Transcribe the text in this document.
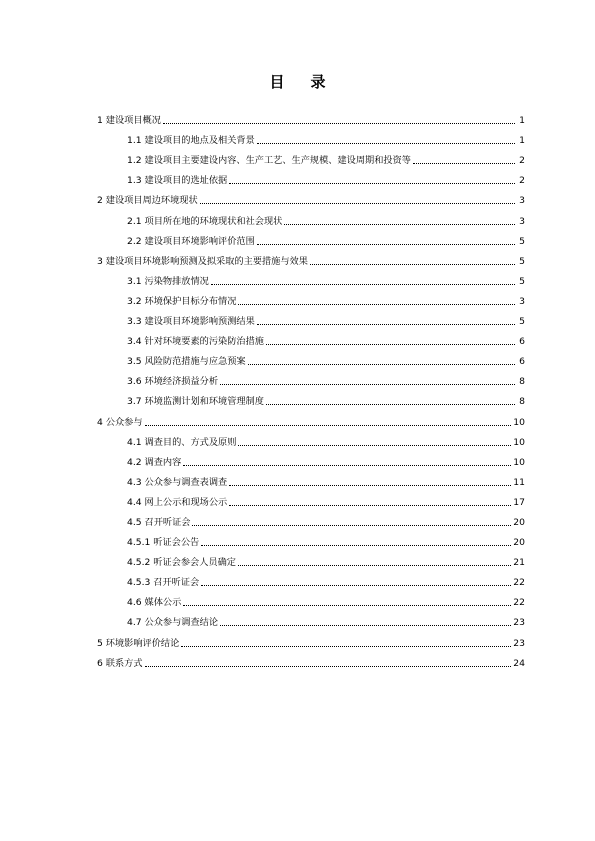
目 录
1 建设项目概况	1
1.1 建设项目的地点及相关背景	1
1.2 建设项目主要建设内容、生产工艺、生产规模、建设周期和投资等	2
1.3 建设项目的选址依据	2
2 建设项目周边环境现状	3
2.1 项目所在地的环境现状和社会现状	3
2.2 建设项目环境影响评价范围	5
3 建设项目环境影响预测及拟采取的主要措施与效果	5
3.1 污染物排放情况	5
3.2 环境保护目标分布情况	3
3.3 建设项目环境影响预测结果	5
3.4 针对环境要素的污染防治措施	6
3.5 风险防范措施与应急预案	6
3.6 环境经济损益分析	8
3.7 环境监测计划和环境管理制度	8
4 公众参与	10
4.1 调查目的、方式及原则	10
4.2 调查内容	10
4.3 公众参与调查表调查	11
4.4 网上公示和现场公示	17
4.5 召开听证会	20
4.5.1 听证会公告	20
4.5.2 听证会参会人员确定	21
4.5.3 召开听证会	22
4.6 媒体公示	22
4.7 公众参与调查结论	23
5 环境影响评价结论	23
6 联系方式	24
